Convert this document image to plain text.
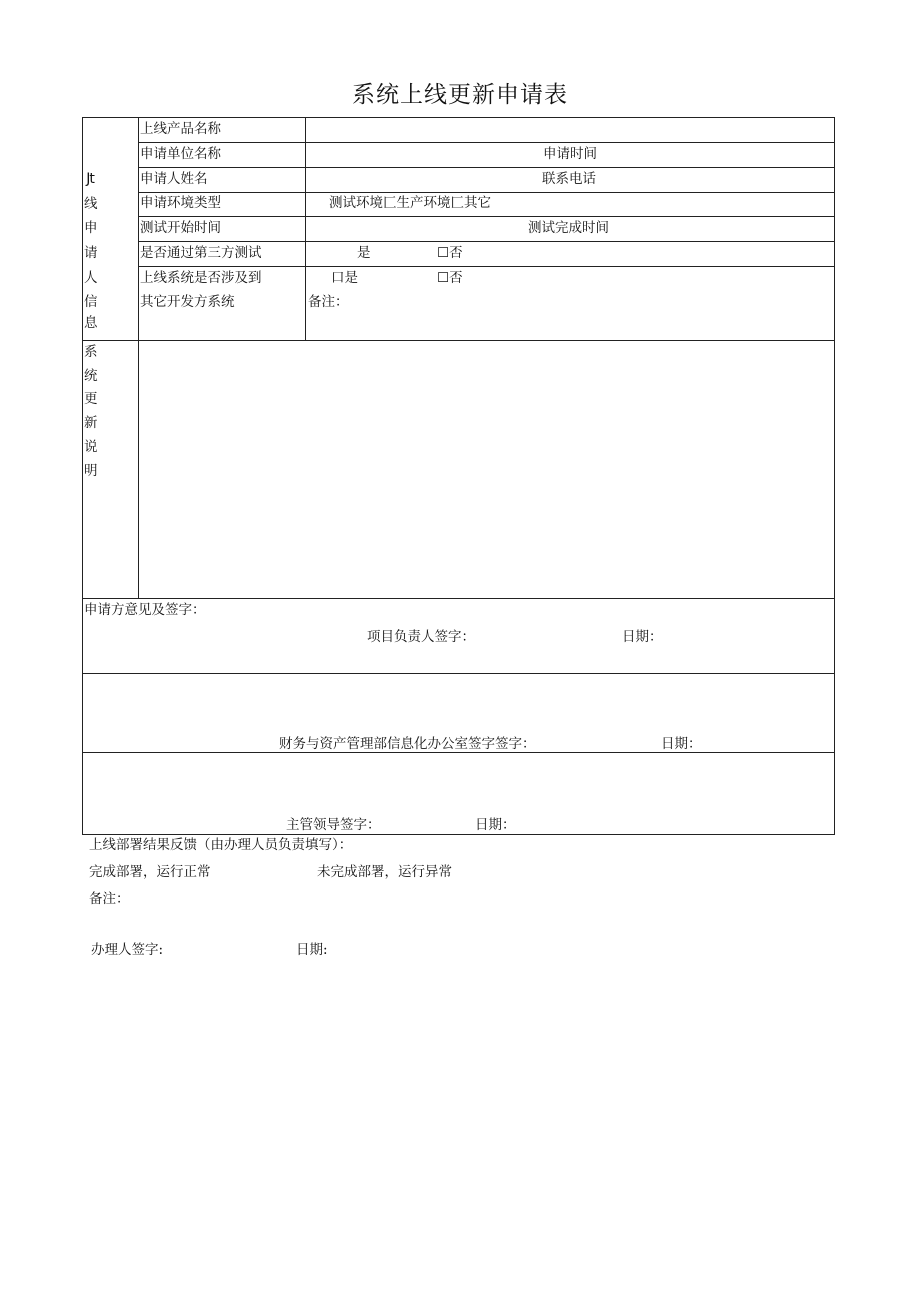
系统上线更新申请表
Jt
线
申
请
人
信
息
上线产品名称
申请单位名称	申请时间
申请人姓名	联系电话
申请环境类型	测试环境匚生产环境匚其它
测试开始时间	测试完成时间
是否通过第三方测试	是	☐否
上线系统是否涉及到
其它开发方系统
口是	☐否
备注：
系
统
更
新
说
明
申请方意见及签字：
项目负责人签字：	日期：
财务与资产管理部信息化办公室签字签字：	日期：
主管领导签字：	日期：
上线部署结果反馈（由办理人员负责填写）：
完成部署，运行正常	未完成部署，运行异常
备注：
办理人签字:	日期:
